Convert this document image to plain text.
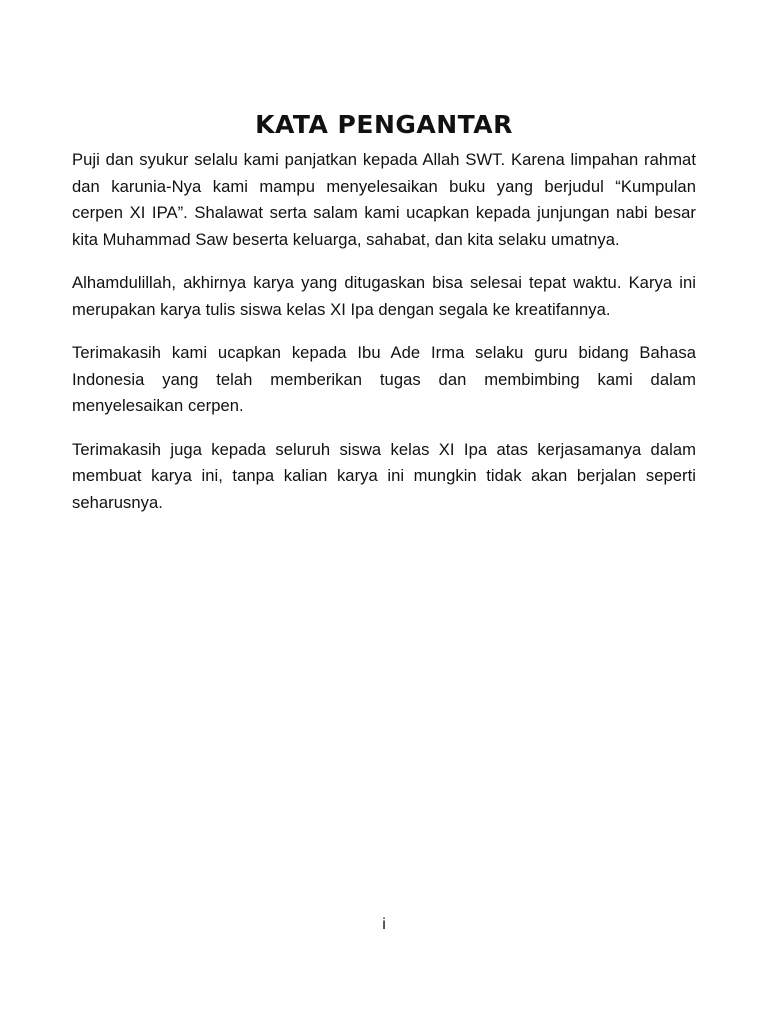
KATA PENGANTAR

Puji dan syukur selalu kami panjatkan kepada Allah SWT. Karena limpahan rahmat dan karunia-Nya kami mampu menyelesaikan buku yang berjudul “Kumpulan cerpen XI IPA”. Shalawat serta salam kami ucapkan kepada junjungan nabi besar kita Muhammad Saw beserta keluarga, sahabat, dan kita selaku umatnya.

Alhamdulillah, akhirnya karya yang ditugaskan bisa selesai tepat waktu. Karya ini merupakan karya tulis siswa kelas XI Ipa dengan segala ke kreatifannya.

Terimakasih kami ucapkan kepada Ibu Ade Irma selaku guru bidang Bahasa Indonesia yang telah memberikan tugas dan membimbing kami dalam menyelesaikan cerpen.

Terimakasih juga kepada seluruh siswa kelas XI Ipa atas kerjasamanya dalam membuat karya ini, tanpa kalian karya ini mungkin tidak akan berjalan seperti seharusnya.

i
